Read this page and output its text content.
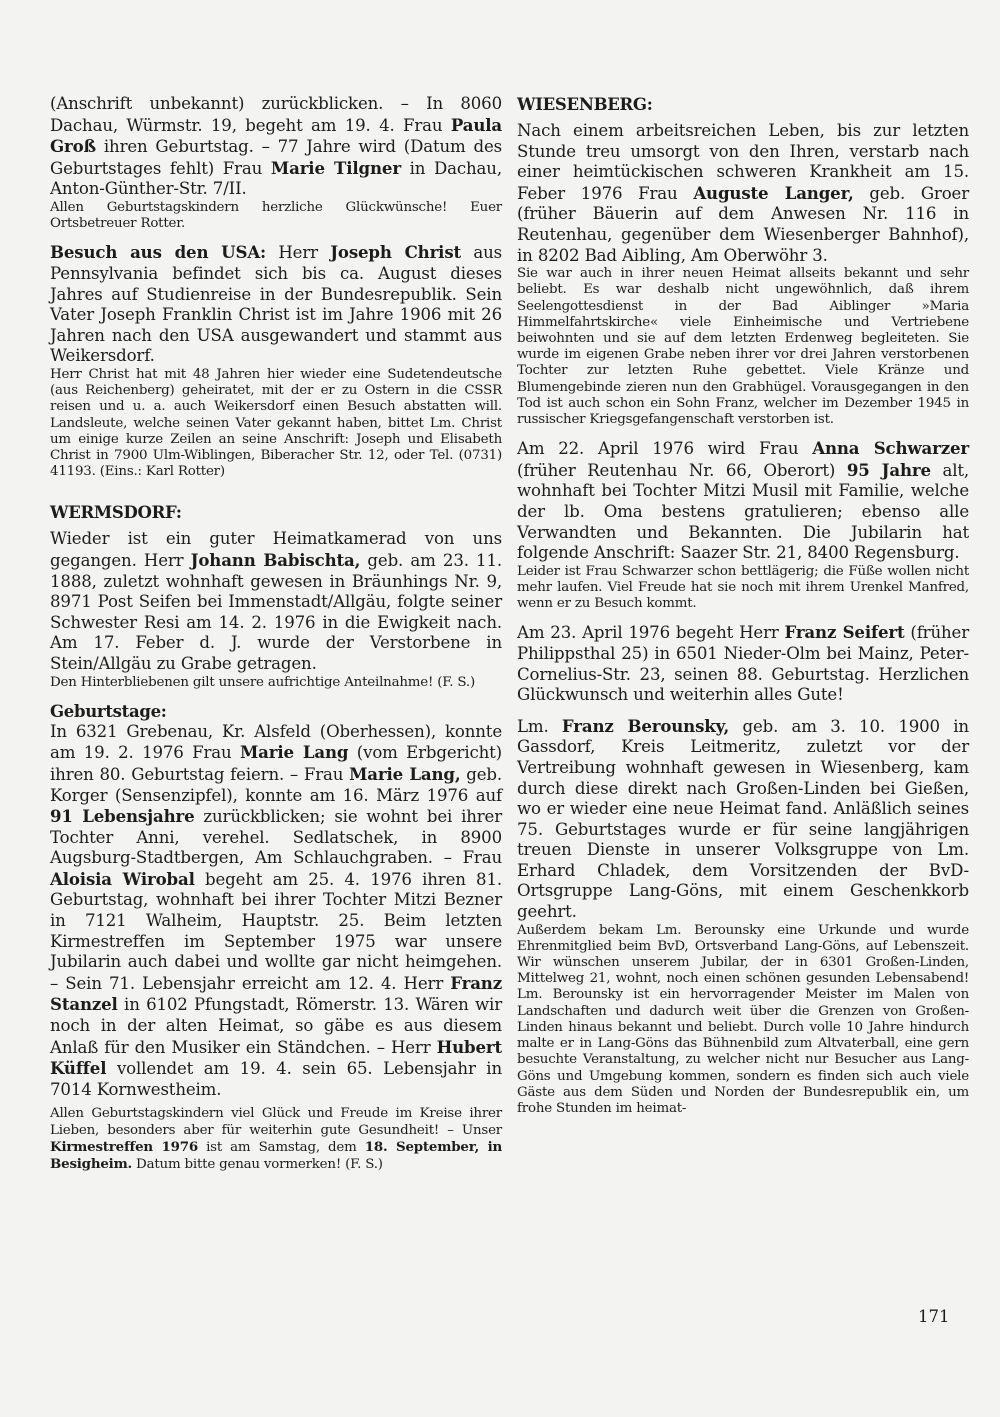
(Anschrift unbekannt) zurückblicken. – In 8060 Dachau, Würmstr. 19, begeht am 19. 4. Frau Paula Groß ihren Geburtstag. – 77 Jahre wird (Datum des Geburtstages fehlt) Frau Marie Tilgner in Dachau, Anton-Günther-Str. 7/II.

Allen Geburtstagskindern herzliche Glückwünsche! Euer Ortsbetreuer Rotter.

Besuch aus den USA: Herr Joseph Christ aus Pennsylvania befindet sich bis ca. August dieses Jahres auf Studienreise in der Bundesrepublik. Sein Vater Joseph Franklin Christ ist im Jahre 1906 mit 26 Jahren nach den USA ausgewandert und stammt aus Weikersdorf.

Herr Christ hat mit 48 Jahren hier wieder eine Sudetendeutsche (aus Reichenberg) geheiratet, mit der er zu Ostern in die CSSR reisen und u. a. auch Weikersdorf einen Besuch abstatten will. Landsleute, welche seinen Vater gekannt haben, bittet Lm. Christ um einige kurze Zeilen an seine Anschrift: Joseph und Elisabeth Christ in 7900 Ulm-Wiblingen, Biberacher Str. 12, oder Tel. (0731) 41193. (Eins.: Karl Rotter)

WERMSDORF:

Wieder ist ein guter Heimatkamerad von uns gegangen. Herr Johann Babischta, geb. am 23. 11. 1888, zuletzt wohnhaft gewesen in Bräunhings Nr. 9, 8971 Post Seifen bei Immenstadt/Allgäu, folgte seiner Schwester Resi am 14. 2. 1976 in die Ewigkeit nach. Am 17. Feber d. J. wurde der Verstorbene in Stein/Allgäu zu Grabe getragen.

Den Hinterbliebenen gilt unsere aufrichtige Anteilnahme! (F. S.)

Geburtstage:

In 6321 Grebenau, Kr. Alsfeld (Oberhessen), konnte am 19. 2. 1976 Frau Marie Lang (vom Erbgericht) ihren 80. Geburtstag feiern. – Frau Marie Lang, geb. Korger (Sensenzipfel), konnte am 16. März 1976 auf 91 Lebensjahre zurückblicken; sie wohnt bei ihrer Tochter Anni, verehel. Sedlatschek, in 8900 Augsburg-Stadtbergen, Am Schlauchgraben. – Frau Aloisia Wirobal begeht am 25. 4. 1976 ihren 81. Geburtstag, wohnhaft bei ihrer Tochter Mitzi Bezner in 7121 Walheim, Hauptstr. 25. Beim letzten Kirmestreffen im September 1975 war unsere Jubilarin auch dabei und wollte gar nicht heimgehen. – Sein 71. Lebensjahr erreicht am 12. 4. Herr Franz Stanzel in 6102 Pfungstadt, Römerstr. 13. Wären wir noch in der alten Heimat, so gäbe es aus diesem Anlaß für den Musiker ein Ständchen. – Herr Hubert Küffel vollendet am 19. 4. sein 65. Lebensjahr in 7014 Kornwestheim.

Allen Geburtstagskindern viel Glück und Freude im Kreise ihrer Lieben, besonders aber für weiterhin gute Gesundheit! – Unser Kirmestreffen 1976 ist am Samstag, dem 18. September, in Besigheim. Datum bitte genau vormerken! (F. S.)

WIESENBERG:

Nach einem arbeitsreichen Leben, bis zur letzten Stunde treu umsorgt von den Ihren, verstarb nach einer heimtückischen schweren Krankheit am 15. Feber 1976 Frau Auguste Langer, geb. Groer (früher Bäuerin auf dem Anwesen Nr. 116 in Reutenhau, gegenüber dem Wiesenberger Bahnhof), in 8202 Bad Aibling, Am Oberwöhr 3.

Sie war auch in ihrer neuen Heimat allseits bekannt und sehr beliebt. Es war deshalb nicht ungewöhnlich, daß ihrem Seelengottesdienst in der Bad Aiblinger »Maria Himmelfahrtskirche« viele Einheimische und Vertriebene beiwohnten und sie auf dem letzten Erdenweg begleiteten. Sie wurde im eigenen Grabe neben ihrer vor drei Jahren verstorbenen Tochter zur letzten Ruhe gebettet. Viele Kränze und Blumengebinde zieren nun den Grabhügel. Vorausgegangen in den Tod ist auch schon ein Sohn Franz, welcher im Dezember 1945 in russischer Kriegsgefangenschaft verstorben ist.

Am 22. April 1976 wird Frau Anna Schwarzer (früher Reutenhau Nr. 66, Oberort) 95 Jahre alt, wohnhaft bei Tochter Mitzi Musil mit Familie, welche der lb. Oma bestens gratulieren; ebenso alle Verwandten und Bekannten. Die Jubilarin hat folgende Anschrift: Saazer Str. 21, 8400 Regensburg.

Leider ist Frau Schwarzer schon bettlägerig; die Füße wollen nicht mehr laufen. Viel Freude hat sie noch mit ihrem Urenkel Manfred, wenn er zu Besuch kommt.

Am 23. April 1976 begeht Herr Franz Seifert (früher Philippsthal 25) in 6501 Nieder-Olm bei Mainz, Peter-Cornelius-Str. 23, seinen 88. Geburtstag. Herzlichen Glückwunsch und weiterhin alles Gute!

Lm. Franz Berounsky, geb. am 3. 10. 1900 in Gassdorf, Kreis Leitmeritz, zuletzt vor der Vertreibung wohnhaft gewesen in Wiesenberg, kam durch diese direkt nach Großen-Linden bei Gießen, wo er wieder eine neue Heimat fand. Anläßlich seines 75. Geburtstages wurde er für seine langjährigen treuen Dienste in unserer Volksgruppe von Lm. Erhard Chladek, dem Vorsitzenden der BvD-Ortsgruppe Lang-Göns, mit einem Geschenkkorb geehrt.

Außerdem bekam Lm. Berounsky eine Urkunde und wurde Ehrenmitglied beim BvD, Ortsverband Lang-Göns, auf Lebenszeit. Wir wünschen unserem Jubilar, der in 6301 Großen-Linden, Mittelweg 21, wohnt, noch einen schönen gesunden Lebensabend! Lm. Berounsky ist ein hervorragender Meister im Malen von Landschaften und dadurch weit über die Grenzen von Großen-Linden hinaus bekannt und beliebt. Durch volle 10 Jahre hindurch malte er in Lang-Göns das Bühnenbild zum Altvaterball, eine gern besuchte Veranstaltung, zu welcher nicht nur Besucher aus Lang-Göns und Umgebung kommen, sondern es finden sich auch viele Gäste aus dem Süden und Norden der Bundesrepublik ein, um frohe Stunden im heimat-

171
